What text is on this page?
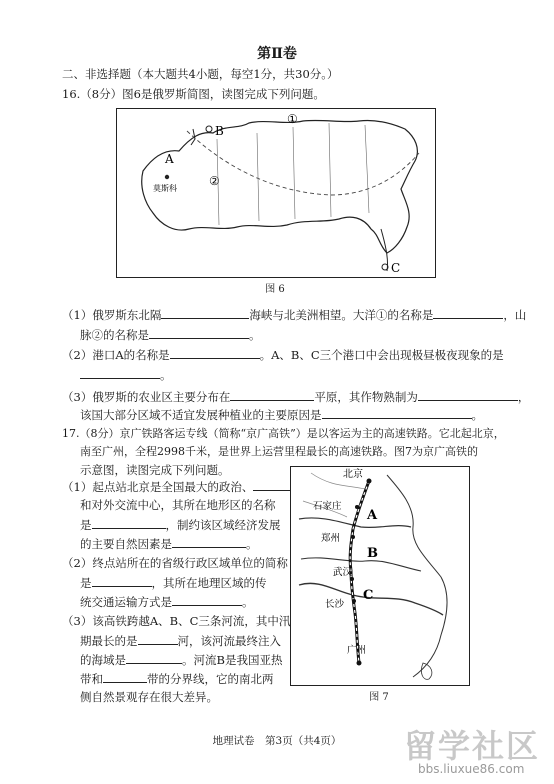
第Ⅱ卷
二、非选择题（本大题共4小题，每空1分，共30分。）
16.（8分）图6是俄罗斯简图，读图完成下列问题。
B
①
A
②
莫斯科
C
图 6
（1）俄罗斯东北隔	海峡与北美洲相望。大洋①的名称是	，山
脉②的名称是	。
（2）港口A的名称是	。A、B、C三个港口中会出现极昼极夜现象的是
。
（3）俄罗斯的农业区主要分布在	平原，其作物熟制为	，
该国大部分区域不适宜发展种植业的主要原因是	。
17.（8分）京广铁路客运专线（简称“京广高铁”）是以客运为主的高速铁路。它北起北京，
南至广州，全程2998千米，是世界上运营里程最长的高速铁路。图7为京广高铁的
示意图，读图完成下列问题。
（1）起点站北京是全国最大的政治、
和对外交流中心，其所在地形区的名称
是	，制约该区域经济发展
的主要自然因素是	。
（2）终点站所在的省级行政区域单位的简称
是	，其所在地理区域的传
统交通运输方式是	。
（3）该高铁跨越A、B、C三条河流，其中汛
期最长的是	河，该河流最终注入
的海域是	。河流B是我国亚热
带和	带的分界线，它的南北两
侧自然景观存在很大差异。
北京
石家庄
A
郑州
B
武汉
C
长沙
广州
图 7
地理试卷　第3页（共4页）	留学社区
bbs.liuxue86.com
